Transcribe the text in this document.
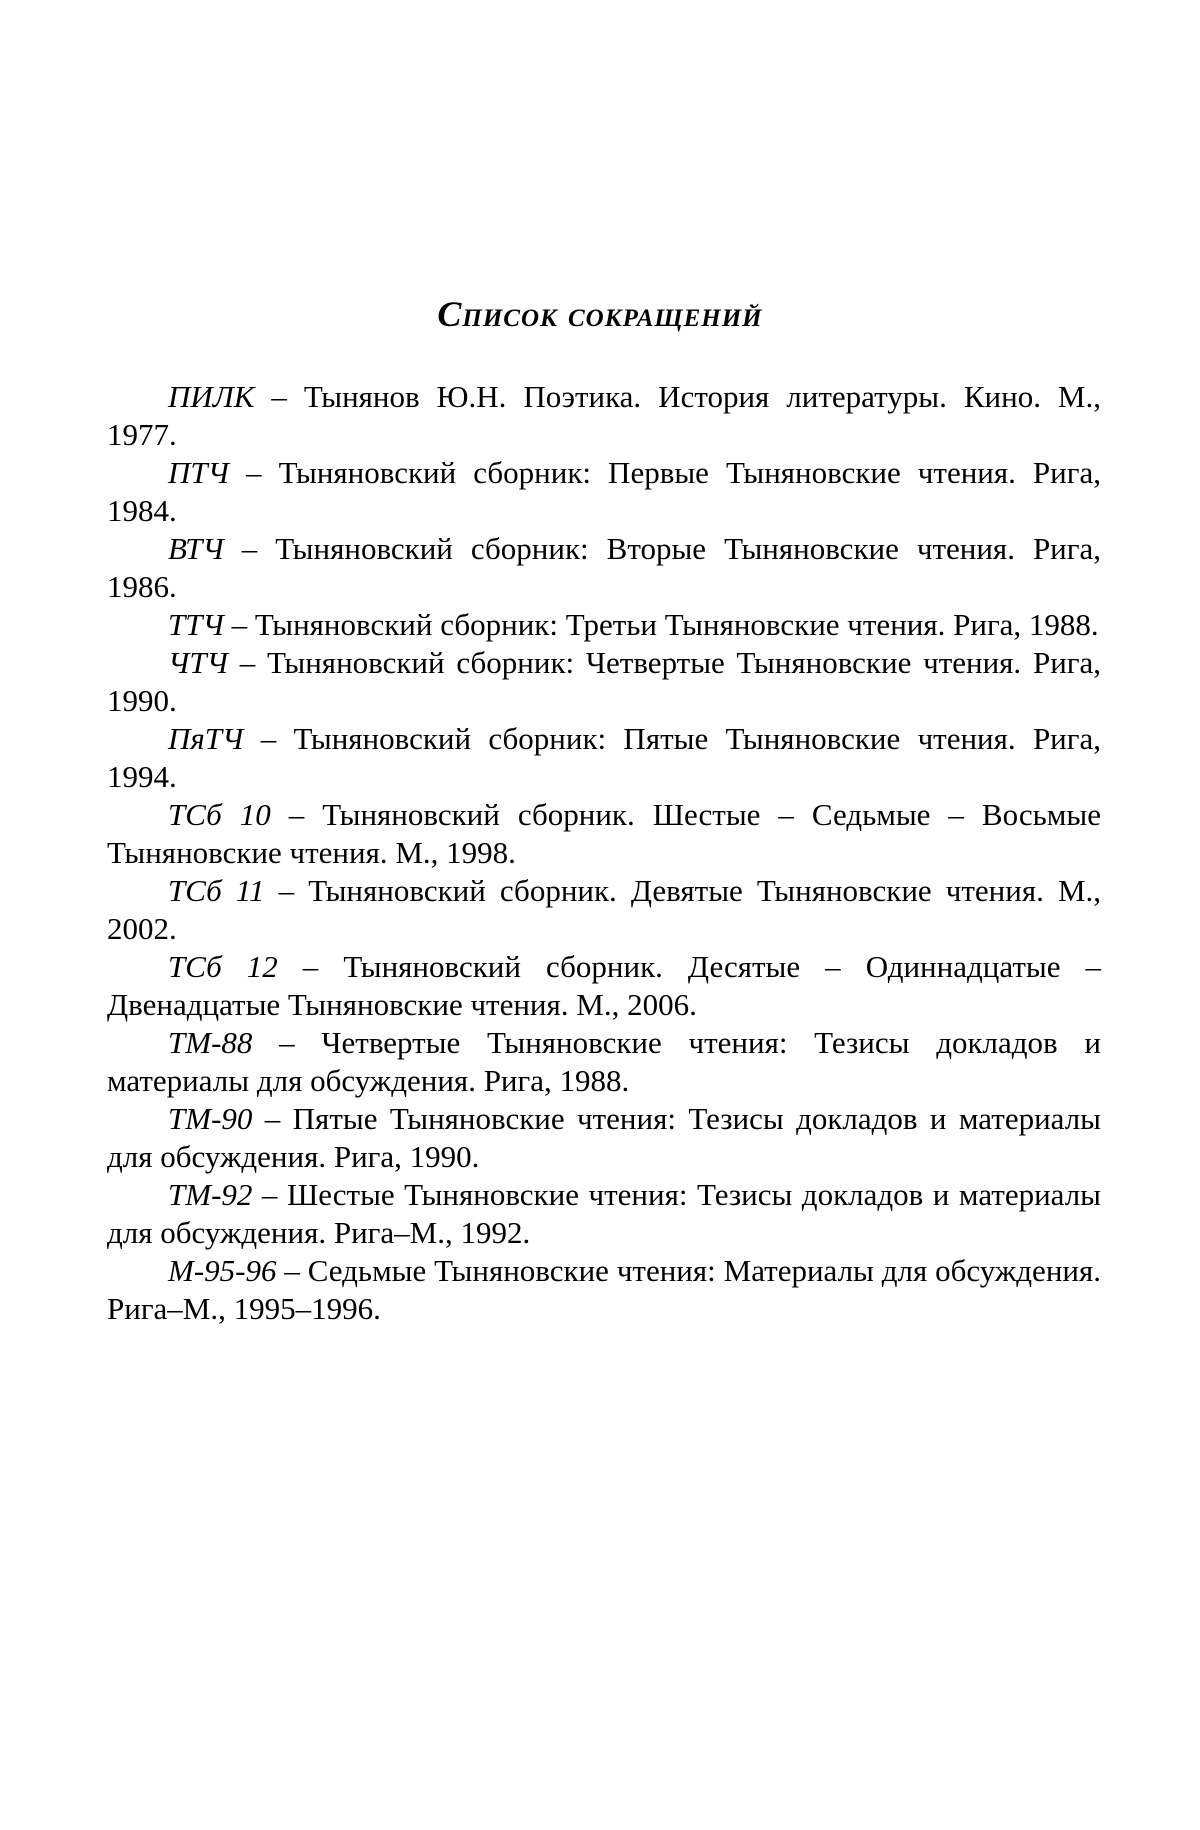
Список сокращений
ПИЛК – Тынянов Ю.Н. Поэтика. История литературы. Кино. М., 1977.
ПТЧ – Тыняновский сборник: Первые Тыняновские чтения. Рига, 1984.
ВТЧ – Тыняновский сборник: Вторые Тыняновские чтения. Рига, 1986.
ТТЧ – Тыняновский сборник: Третьи Тыняновские чтения. Рига, 1988.
ЧТЧ – Тыняновский сборник: Четвертые Тыняновские чтения. Рига, 1990.
ПяТЧ – Тыняновский сборник: Пятые Тыняновские чтения. Рига, 1994.
ТСб 10 – Тыняновский сборник. Шестые – Седьмые – Восьмые Тыняновские чтения. М., 1998.
ТСб 11 – Тыняновский сборник. Девятые Тыняновские чтения. М., 2002.
ТСб 12 – Тыняновский сборник. Десятые – Одиннадцатые – Двенадцатые Тыняновские чтения. М., 2006.
ТМ-88 – Четвертые Тыняновские чтения: Тезисы докладов и материалы для обсуждения. Рига, 1988.
ТМ-90 – Пятые Тыняновские чтения: Тезисы докладов и материалы для обсуждения. Рига, 1990.
ТМ-92 – Шестые Тыняновские чтения: Тезисы докладов и материалы для обсуждения. Рига–М., 1992.
М-95-96 – Седьмые Тыняновские чтения: Материалы для обсуждения. Рига–М., 1995–1996.
